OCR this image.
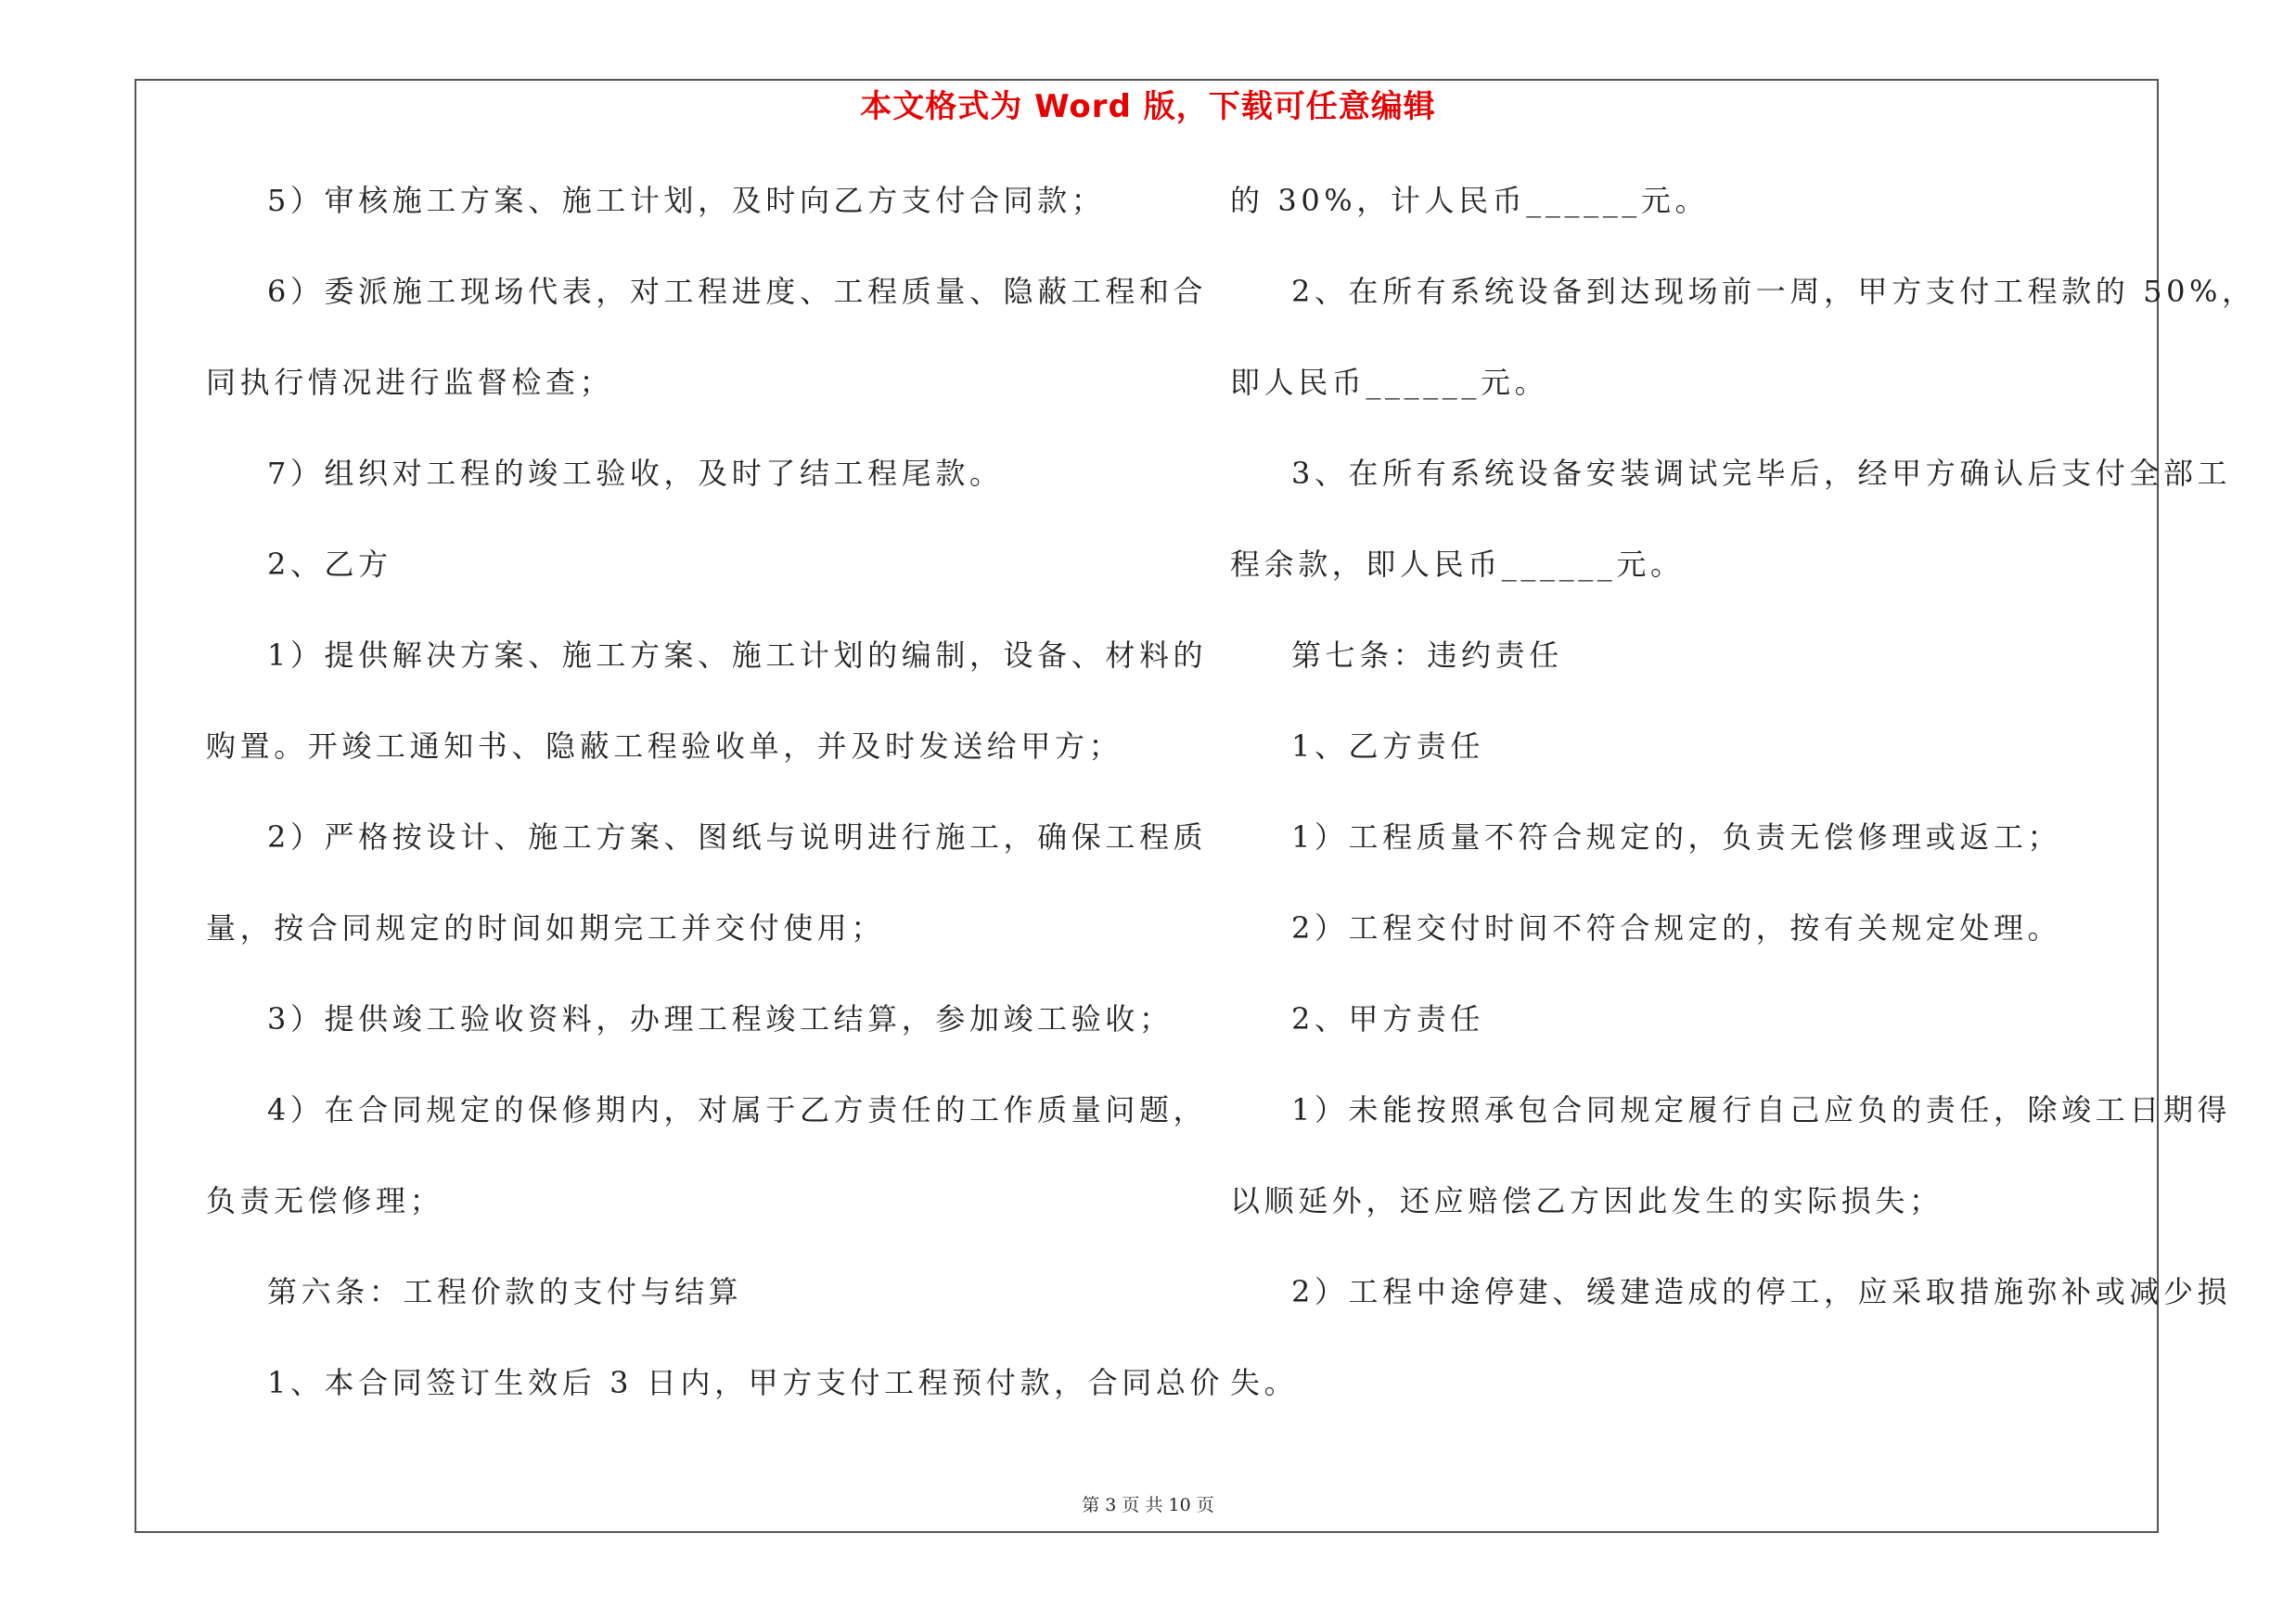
本文格式为 Word 版，下载可任意编辑
5）审核施工方案、施工计划，及时向乙方支付合同款；
6）委派施工现场代表，对工程进度、工程质量、隐蔽工程和合
同执行情况进行监督检查；
7）组织对工程的竣工验收，及时了结工程尾款。
2、乙方
1）提供解决方案、施工方案、施工计划的编制，设备、材料的
购置。开竣工通知书、隐蔽工程验收单，并及时发送给甲方；
2）严格按设计、施工方案、图纸与说明进行施工，确保工程质
量，按合同规定的时间如期完工并交付使用；
3）提供竣工验收资料，办理工程竣工结算，参加竣工验收；
4）在合同规定的保修期内，对属于乙方责任的工作质量问题，
负责无偿修理；
第六条：工程价款的支付与结算
1、本合同签订生效后 3 日内，甲方支付工程预付款，合同总价
的 30%，计人民币______元。
2、在所有系统设备到达现场前一周，甲方支付工程款的 50%，
即人民币______元。
3、在所有系统设备安装调试完毕后，经甲方确认后支付全部工
程余款，即人民币______元。
第七条：违约责任
1、乙方责任
1）工程质量不符合规定的，负责无偿修理或返工；
2）工程交付时间不符合规定的，按有关规定处理。
2、甲方责任
1）未能按照承包合同规定履行自己应负的责任，除竣工日期得
以顺延外，还应赔偿乙方因此发生的实际损失；
2）工程中途停建、缓建造成的停工，应采取措施弥补或减少损
失。
第 3 页 共 10 页
